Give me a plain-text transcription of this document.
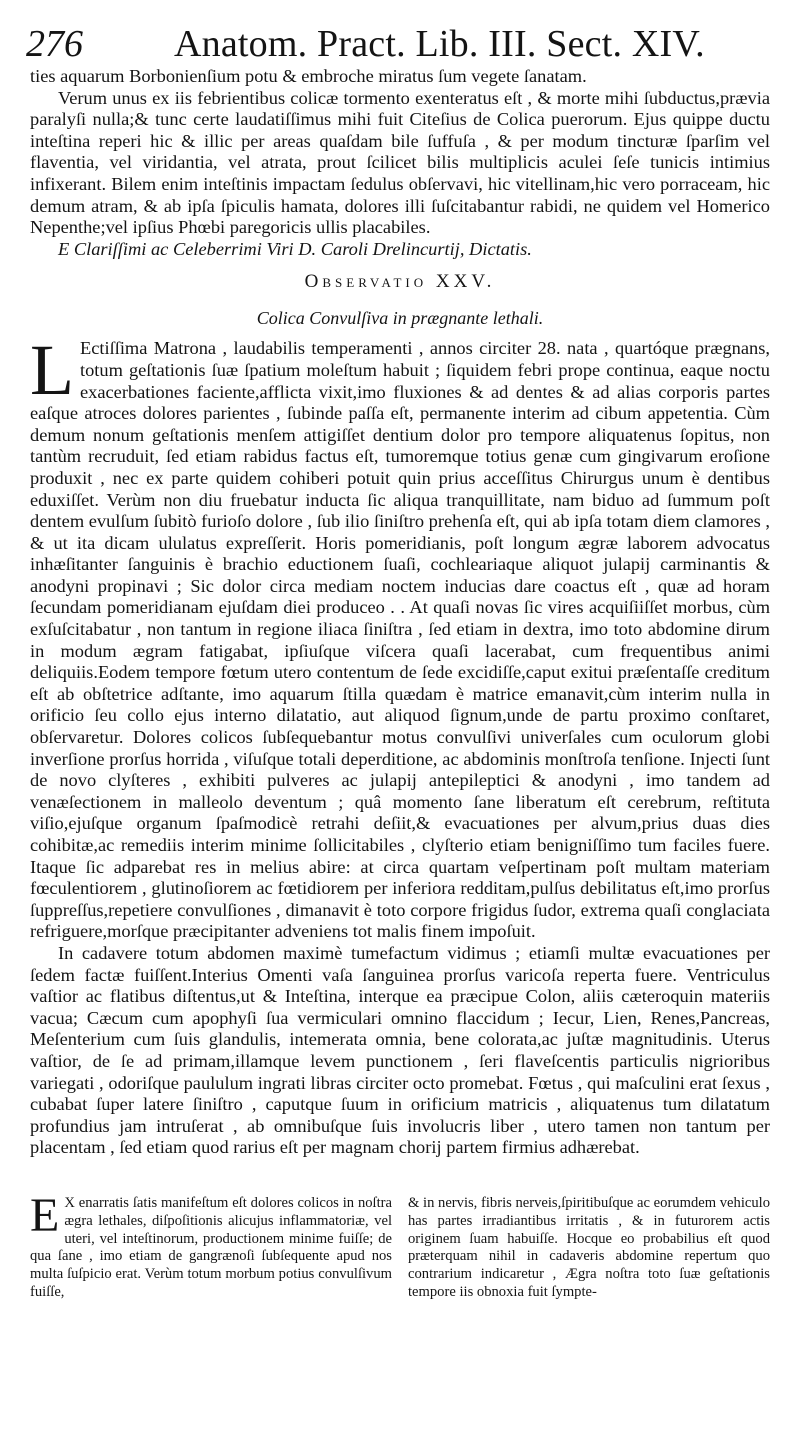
276 Anatom. Pract. Lib. III. Sect. XIV.

ties aquarum Borbonienſium potu & embroche miratus ſum vegete ſanatam.

Verum unus ex iis febrientibus colicæ tormento exenteratus eſt , & morte mihi ſubductus,prævia paralyſi nulla;& tunc certe laudatiſſimus mihi fuit Citeſius de Colica puerorum. Ejus quippe ductu inteſtina reperi hic & illic per areas quaſdam bile ſuffuſa , & per modum tincturæ ſparſim vel flaventia, vel viridantia, vel atrata, prout ſcilicet bilis multiplicis aculei ſeſe tunicis intimius infixerant. Bilem enim inteſtinis impactam ſedulus obſervavi, hic vitellinam,hic vero porraceam, hic demum atram, & ab ipſa ſpiculis hamata, dolores illi ſuſcitabantur rabidi, ne quidem vel Homerico Nepenthe;vel ipſius Phœbi paregoricis ullis placabiles.

E Clariſſimi ac Celeberrimi Viri D. Caroli Drelincurtij, Dictatis.

Observatio XXV.

Colica Convulſiva in prægnante lethali.

L Ectiſſima Matrona , laudabilis temperamenti , annos circiter 28. nata , quartóque prægnans, totum geſtationis ſuæ ſpatium moleſtum habuit ; ſiquidem febri prope continua, eaque noctu exacerbationes faciente,afflicta vixit,imo fluxiones & ad dentes & ad alias corporis partes eaſque atroces dolores parientes , ſubinde paſſa eſt, permanente interim ad cibum appetentia. Cùm demum nonum geſtationis menſem attigiſſet dentium dolor pro tempore aliquatenus ſopitus, non tantùm recruduit, ſed etiam rabidus factus eſt, tumoremque totius genæ cum gingivarum eroſione produxit , nec ex parte quidem cohiberi potuit quin prius acceſſitus Chirurgus unum è dentibus eduxiſſet. Verùm non diu fruebatur inducta ſic aliqua tranquillitate, nam biduo ad ſummum poſt dentem evulſum ſubitò furioſo dolore , ſub ilio ſiniſtro prehenſa eſt, qui ab ipſa totam diem clamores , & ut ita dicam ululatus expreſſerit. Horis pomeridianis, poſt longum ægræ laborem advocatus inhæſitanter ſanguinis è brachio eductionem ſuaſi, cochleariaque aliquot julapij carminantis & anodyni propinavi ; Sic dolor circa mediam noctem inducias dare coactus eſt , quæ ad horam ſecundam pomeridianam ejuſdam diei produceo . . At quaſi novas ſic vires acquiſiiſſet morbus, cùm exſuſcitabatur , non tantum in regione iliaca ſiniſtra , ſed etiam in dextra, imo toto abdomine dirum in modum ægram fatigabat, ipſiuſque viſcera quaſi lacerabat, cum frequentibus animi deliquiis.Eodem tempore fœtum utero contentum de ſede excidiſſe,caput exitui præſentaſſe creditum eſt ab obſtetrice adſtante, imo aquarum ſtilla quædam è matrice emanavit,cùm interim nulla in orificio ſeu collo ejus interno dilatatio, aut aliquod ſignum,unde de partu proximo conſtaret, obſervaretur. Dolores colicos ſubſequebantur motus convulſivi univerſales cum oculorum globi inverſione prorſus horrida , viſuſque totali deperditione, ac abdominis monſtroſa tenſione. Injecti ſunt de novo clyſteres , exhibiti pulveres ac julapij antepileptici & anodyni , imo tandem ad venæſectionem in malleolo deventum ; quâ momento ſane liberatum eſt cerebrum, reſtituta viſio,ejuſque organum ſpaſmodicè retrahi deſiit,& evacuationes per alvum,prius duas dies cohibitæ,ac remediis interim minime ſollicitabiles , clyſterio etiam benigniſſimo tum faciles fuere. Itaque ſic adparebat res in melius abire: at circa quartam veſpertinam poſt multam materiam fœculentiorem , glutinoſiorem ac fœtidiorem per inferiora redditam,pulſus debilitatus eſt,imo prorſus ſuppreſſus,repetiere convulſiones , dimanavit è toto corpore frigidus ſudor, extrema quaſi conglaciata refriguere,morſque præcipitanter adveniens tot malis finem impoſuit.

In cadavere totum abdomen maximè tumefactum vidimus ; etiamſi multæ evacuationes per ſedem factæ fuiſſent.Interius Omenti vaſa ſanguinea prorſus varicoſa reperta fuere. Ventriculus vaſtior ac flatibus diſtentus,ut & Inteſtina, interque ea præcipue Colon, aliis cæteroquin materiis vacua; Cæcum cum apophyſi ſua vermiculari omnino flaccidum ; Iecur, Lien, Renes,Pancreas, Meſenterium cum ſuis glandulis, intemerata omnia, bene colorata,ac juſtæ magnitudinis. Uterus vaſtior, de ſe ad primam,illamque levem punctionem , ſeri flaveſcentis particulis nigrioribus variegati , odoriſque paululum ingrati libras circiter octo promebat. Fœtus , qui maſculini erat ſexus , cubabat ſuper latere ſiniſtro , caputque ſuum in orificium matricis , aliquatenus tum dilatatum profundius jam intruſerat , ab omnibuſque ſuis involucris liber , utero tamen non tantum per placentam , ſed etiam quod rarius eſt per magnam chorij partem firmius adhærebat.

E X enarratis ſatis manifeſtum eſt dolores colicos in noſtra ægra lethales, diſpoſitionis alicujus inflammatoriæ, vel uteri, vel inteſtinorum, productionem minime fuiſſe; de qua ſane , imo etiam de gangrænoſi ſubſequente apud nos multa ſuſpicio erat. Verùm totum morbum potius convulſivum fuiſſe,
& in nervis, fibris nerveis,ſpiritibuſque ac eorumdem vehiculo has partes irradiantibus irritatis , & in futurorem actis originem ſuam habuiſſe. Hocque eo probabilius eſt quod præterquam nihil in cadaveris abdomine repertum quo contrarium indicaretur , Ægra noſtra toto ſuæ geſtationis tempore iis obnoxia fuit ſympte-
